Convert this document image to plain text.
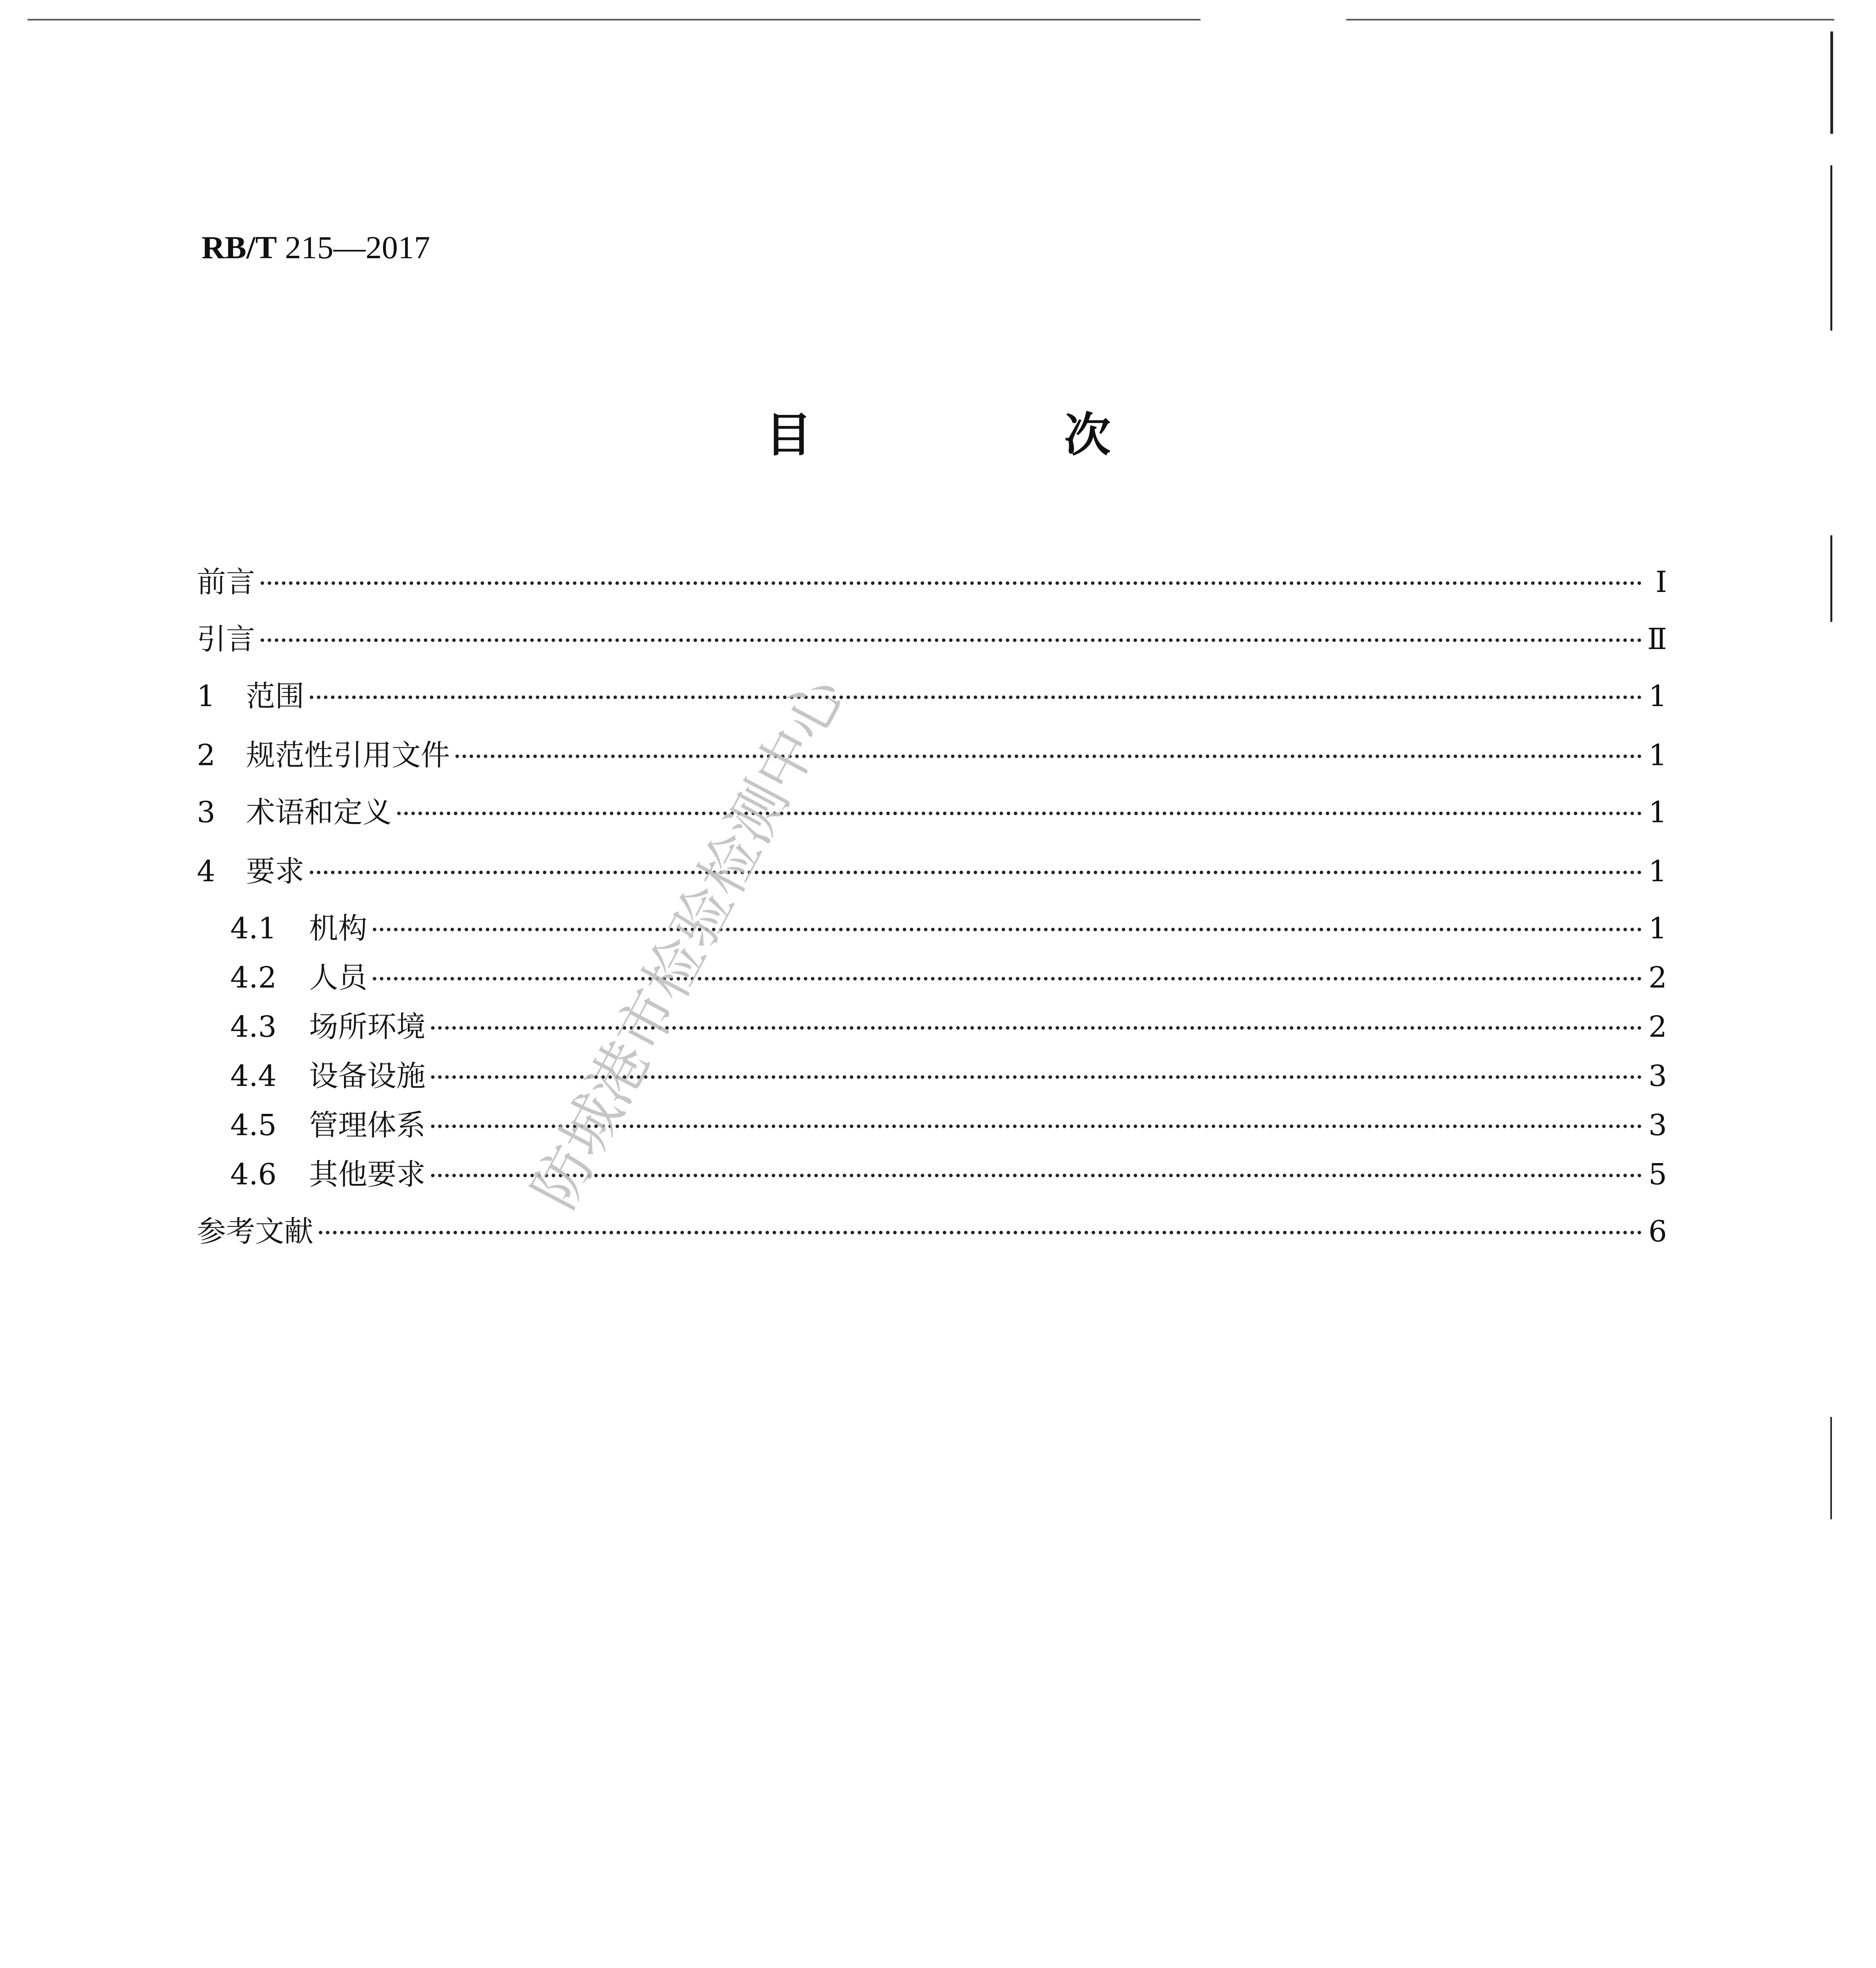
RB/T 215—2017
目 次
前言	Ⅰ
引言	Ⅱ
1	范围	1
2	规范性引用文件	1
3	术语和定义	1
4	要求	1
4.1	机构	1
4.2	人员	2
4.3	场所环境	2
4.4	设备设施	3
4.5	管理体系	3
4.6	其他要求	5
参考文献	6
防城港市检验检测中心
